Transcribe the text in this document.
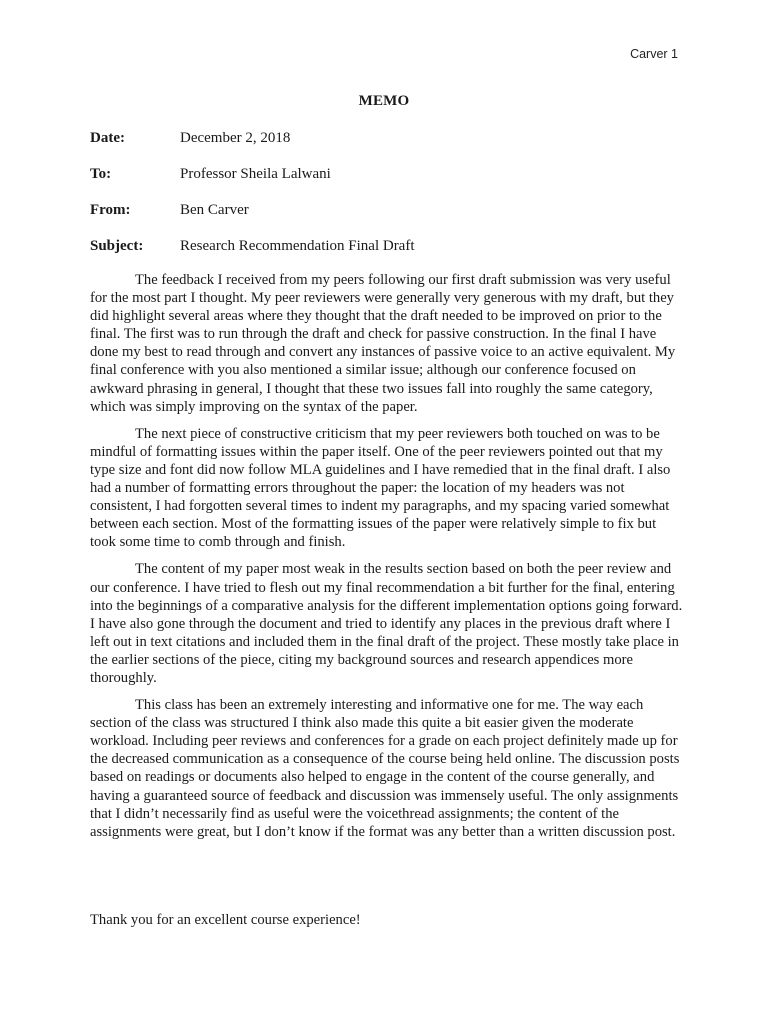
Carver 1
MEMO
Date:	December 2, 2018
To:	Professor Sheila Lalwani
From:	Ben Carver
Subject:	Research Recommendation Final Draft

The feedback I received from my peers following our first draft submission was very useful for the most part I thought. My peer reviewers were generally very generous with my draft, but they did highlight several areas where they thought that the draft needed to be improved on prior to the final. The first was to run through the draft and check for passive construction. In the final I have done my best to read through and convert any instances of passive voice to an active equivalent. My final conference with you also mentioned a similar issue; although our conference focused on awkward phrasing in general, I thought that these two issues fall into roughly the same category, which was simply improving on the syntax of the paper.

The next piece of constructive criticism that my peer reviewers both touched on was to be mindful of formatting issues within the paper itself. One of the peer reviewers pointed out that my type size and font did now follow MLA guidelines and I have remedied that in the final draft. I also had a number of formatting errors throughout the paper: the location of my headers was not consistent, I had forgotten several times to indent my paragraphs, and my spacing varied somewhat between each section. Most of the formatting issues of the paper were relatively simple to fix but took some time to comb through and finish.

The content of my paper most weak in the results section based on both the peer review and our conference. I have tried to flesh out my final recommendation a bit further for the final, entering into the beginnings of a comparative analysis for the different implementation options going forward. I have also gone through the document and tried to identify any places in the previous draft where I left out in text citations and included them in the final draft of the project. These mostly take place in the earlier sections of the piece, citing my background sources and research appendices more thoroughly.

This class has been an extremely interesting and informative one for me. The way each section of the class was structured I think also made this quite a bit easier given the moderate workload. Including peer reviews and conferences for a grade on each project definitely made up for the decreased communication as a consequence of the course being held online. The discussion posts based on readings or documents also helped to engage in the content of the course generally, and having a guaranteed source of feedback and discussion was immensely useful. The only assignments that I didn’t necessarily find as useful were the voicethread assignments; the content of the assignments were great, but I don’t know if the format was any better than a written discussion post.

Thank you for an excellent course experience!
